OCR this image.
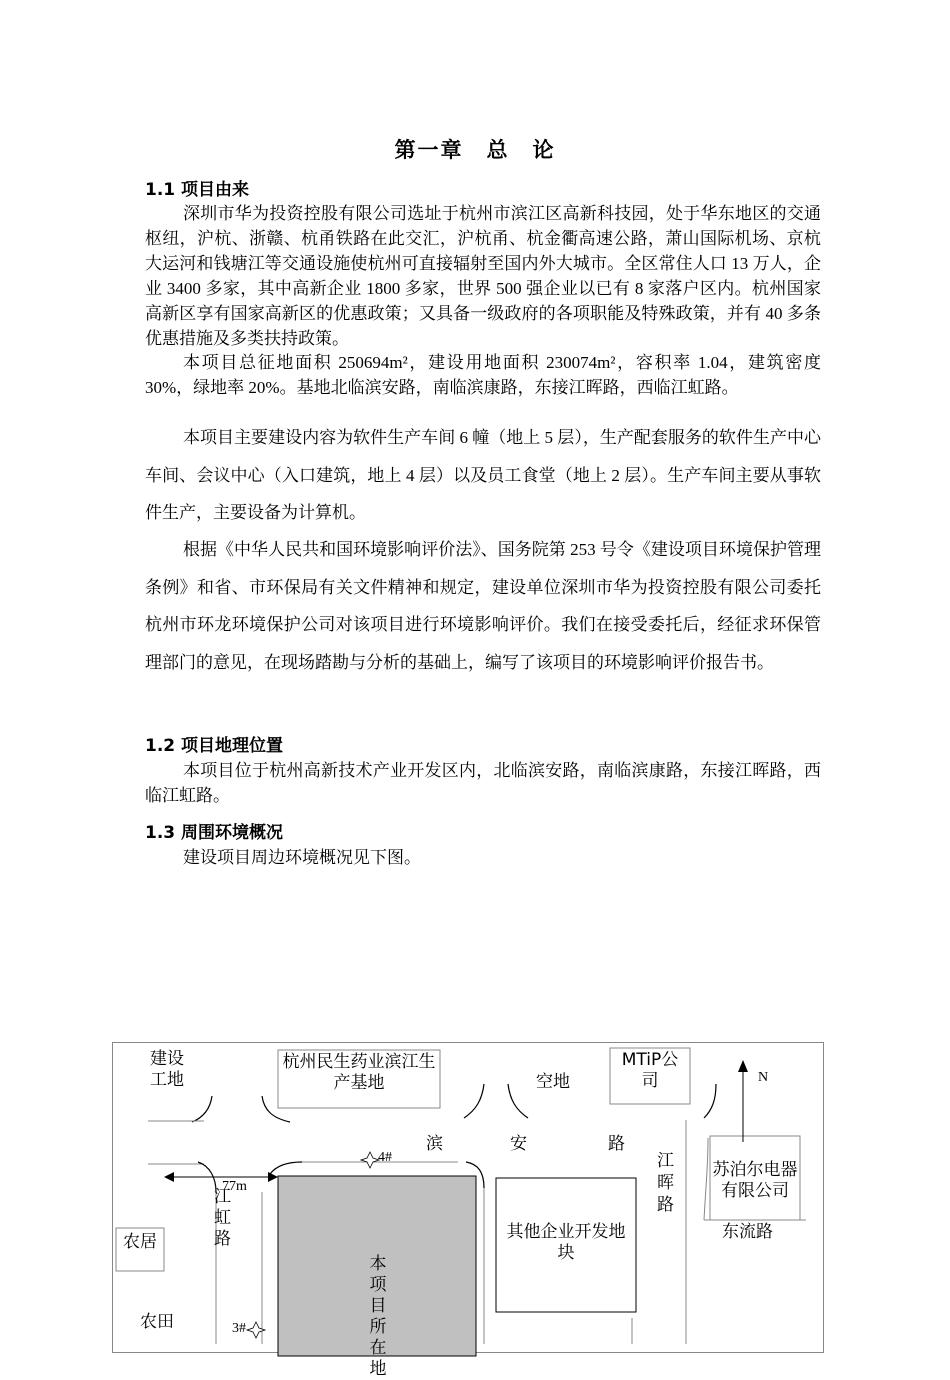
第一章　总　论
1.1 项目由来

深圳市华为投资控股有限公司选址于杭州市滨江区高新科技园，处于华东地区的交通枢纽，沪杭、浙赣、杭甬铁路在此交汇，沪杭甬、杭金衢高速公路，萧山国际机场、京杭大运河和钱塘江等交通设施使杭州可直接辐射至国内外大城市。全区常住人口 13 万人，企业 3400 多家，其中高新企业 1800 多家，世界 500 强企业以已有 8 家落户区内。杭州国家高新区享有国家高新区的优惠政策；又具备一级政府的各项职能及特殊政策，并有 40 多条优惠措施及多类扶持政策。

本项目总征地面积 250694m²，建设用地面积 230074m²，容积率 1.04，建筑密度 30%，绿地率 20%。基地北临滨安路，南临滨康路，东接江晖路，西临江虹路。

本项目主要建设内容为软件生产车间 6 幢（地上 5 层），生产配套服务的软件生产中心车间、会议中心（入口建筑，地上 4 层）以及员工食堂（地上 2 层）。生产车间主要从事软件生产，主要设备为计算机。

根据《中华人民共和国环境影响评价法》、国务院第 253 号令《建设项目环境保护管理条例》和省、市环保局有关文件精神和规定，建设单位深圳市华为投资控股有限公司委托杭州市环龙环境保护公司对该项目进行环境影响评价。我们在接受委托后，经征求环保管理部门的意见，在现场踏勘与分析的基础上，编写了该项目的环境影响评价报告书。

1.2 项目地理位置

本项目位于杭州高新技术产业开发区内，北临滨安路，南临滨康路，东接江晖路，西临江虹路。

1.3 周围环境概况

建设项目周边环境概况见下图。

建设工地
杭州民生药业滨江生产基地	空地
MTiP公司	N
滨	安	路
江晖路
苏泊尔电器有限公司
东流路
4#
77m
江虹路
农居	其他企业开发地块
本项目所在地
农田	3#
